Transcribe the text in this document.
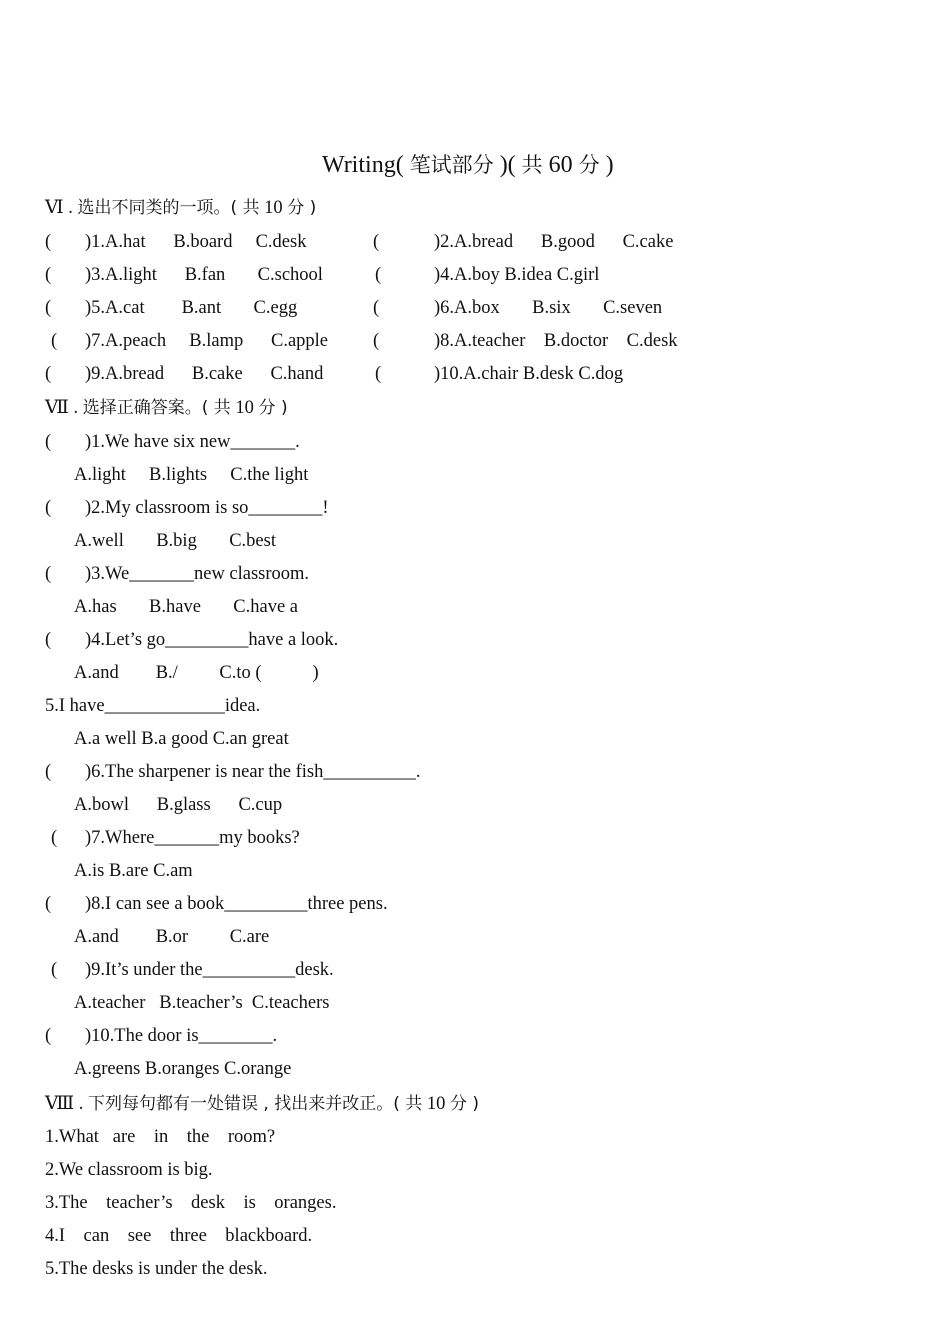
Writing( 笔试部分 )( 共 60 分 )
Ⅵ . 选出不同类的一项。( 共 10 分 )
( )1.A.hat      B.board     C.desk	(	)2.A.bread      B.good      C.cake
( )3.A.light      B.fan       C.school	(	)4.A.boy B.idea C.girl
( )5.A.cat        B.ant       C.egg	(	)6.A.box       B.six       C.seven
( )7.A.peach     B.lamp      C.apple (	)8.A.teacher    B.doctor    C.desk
( )9.A.bread      B.cake      C.hand	(	)10.A.chair B.desk C.dog
Ⅶ . 选择正确答案。( 共 10 分 )
( )1.We have six new_______.
A.light     B.lights     C.the light
( )2.My classroom is so________!
A.well       B.big       C.best
( )3.We_______new classroom.
A.has       B.have       C.have a
( )4.Let’s go_________have a look.
A.and        B./         C.to (           )
5.I have_____________idea.
A.a well B.a good C.an great
( )6.The sharpener is near the fish__________.
A.bowl      B.glass      C.cup
( )7.Where_______my books?
A.is B.are C.am
( )8.I can see a book_________three pens.
A.and        B.or         C.are
( )9.It’s under the__________desk.
A.teacher   B.teacher’s  C.teachers
( )10.The door is________.
A.greens B.oranges C.orange
Ⅷ . 下列每句都有一处错误 , 找出来并改正。( 共 10 分 )
1.What   are    in    the    room?
2.We classroom is big.
3.The    teacher’s    desk    is    oranges.
4.I    can    see    three    blackboard.
5.The desks is under the desk.
